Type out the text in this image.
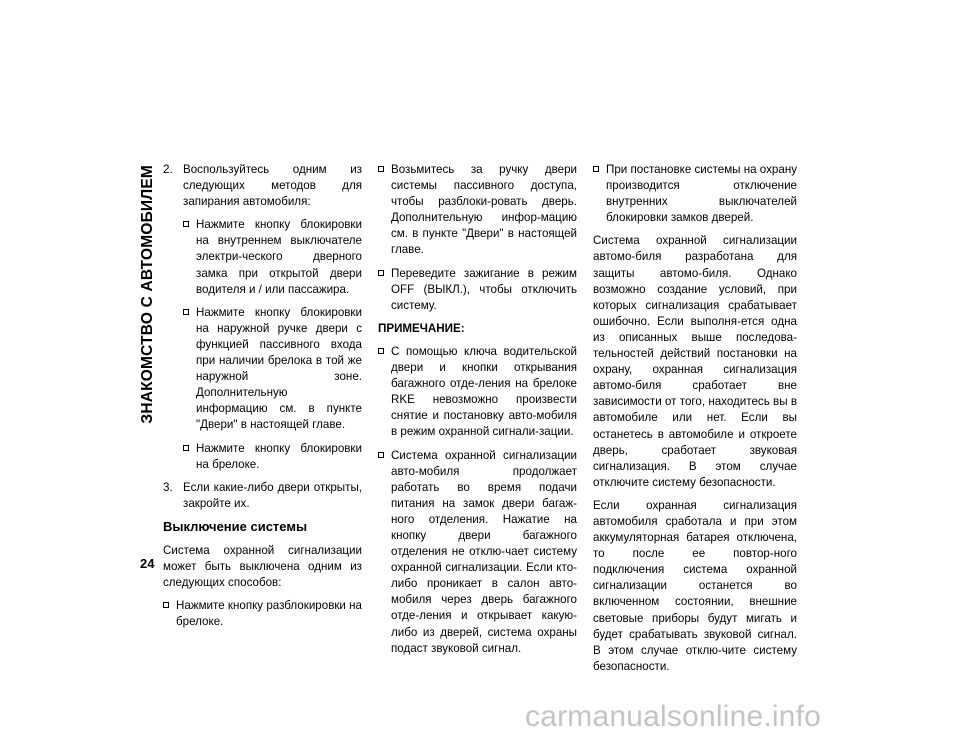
ЗНАКОМСТВО С АВТОМОБИЛЕМ
24
2. Воспользуйтесь одним из следующих методов для запирания автомобиля:
Нажмите кнопку блокировки на внутреннем выключателе электри-ческого дверного замка при открытой двери водителя и / или пассажира.
Нажмите кнопку блокировки на наружной ручке двери с функцией пассивного входа при наличии брелока в той же наружной зоне. Дополнительную информацию см. в пункте "Двери" в настоящей главе.
Нажмите кнопку блокировки на брелоке.
3. Если какие-либо двери открыты, закройте их.
Выключение системы
Система охранной сигнализации может быть выключена одним из следующих способов:
Нажмите кнопку разблокировки на брелоке.
Возьмитесь за ручку двери системы пассивного доступа, чтобы разблоки-ровать дверь. Дополнительную инфор-мацию см. в пункте "Двери" в настоящей главе.
Переведите зажигание в режим OFF (ВЫКЛ.), чтобы отключить систему.
ПРИМЕЧАНИЕ:
С помощью ключа водительской двери и кнопки открывания багажного отде-ления на брелоке RKE невозможно произвести снятие и постановку авто-мобиля в режим охранной сигнали-зации.
Система охранной сигнализации авто-мобиля продолжает работать во время подачи питания на замок двери багаж-ного отделения. Нажатие на кнопку двери багажного отделения не отклю-чает систему охранной сигнализации. Если кто-либо проникает в салон авто-мобиля через дверь багажного отде-ления и открывает какую-либо из дверей, система охраны подаст звуковой сигнал.
При постановке системы на охрану производится отключение внутренних выключателей блокировки замков дверей.
Система охранной сигнализации автомо-биля разработана для защиты автомо-биля. Однако возможно создание условий, при которых сигнализация срабатывает ошибочно. Если выполня-ется одна из описанных выше последова-тельностей действий постановки на охрану, охранная сигнализация автомо-биля сработает вне зависимости от того, находитесь вы в автомобиле или нет. Если вы останетесь в автомобиле и откроете дверь, сработает звуковая сигнализация. В этом случае отключите систему безопасности.
Если охранная сигнализация автомобиля сработала и при этом аккумуляторная батарея отключена, то после ее повтор-ного подключения система охранной сигнализации останется во включенном состоянии, внешние световые приборы будут мигать и будет срабатывать звуковой сигнал. В этом случае отклю-чите систему безопасности.
carmanualsonline.info
